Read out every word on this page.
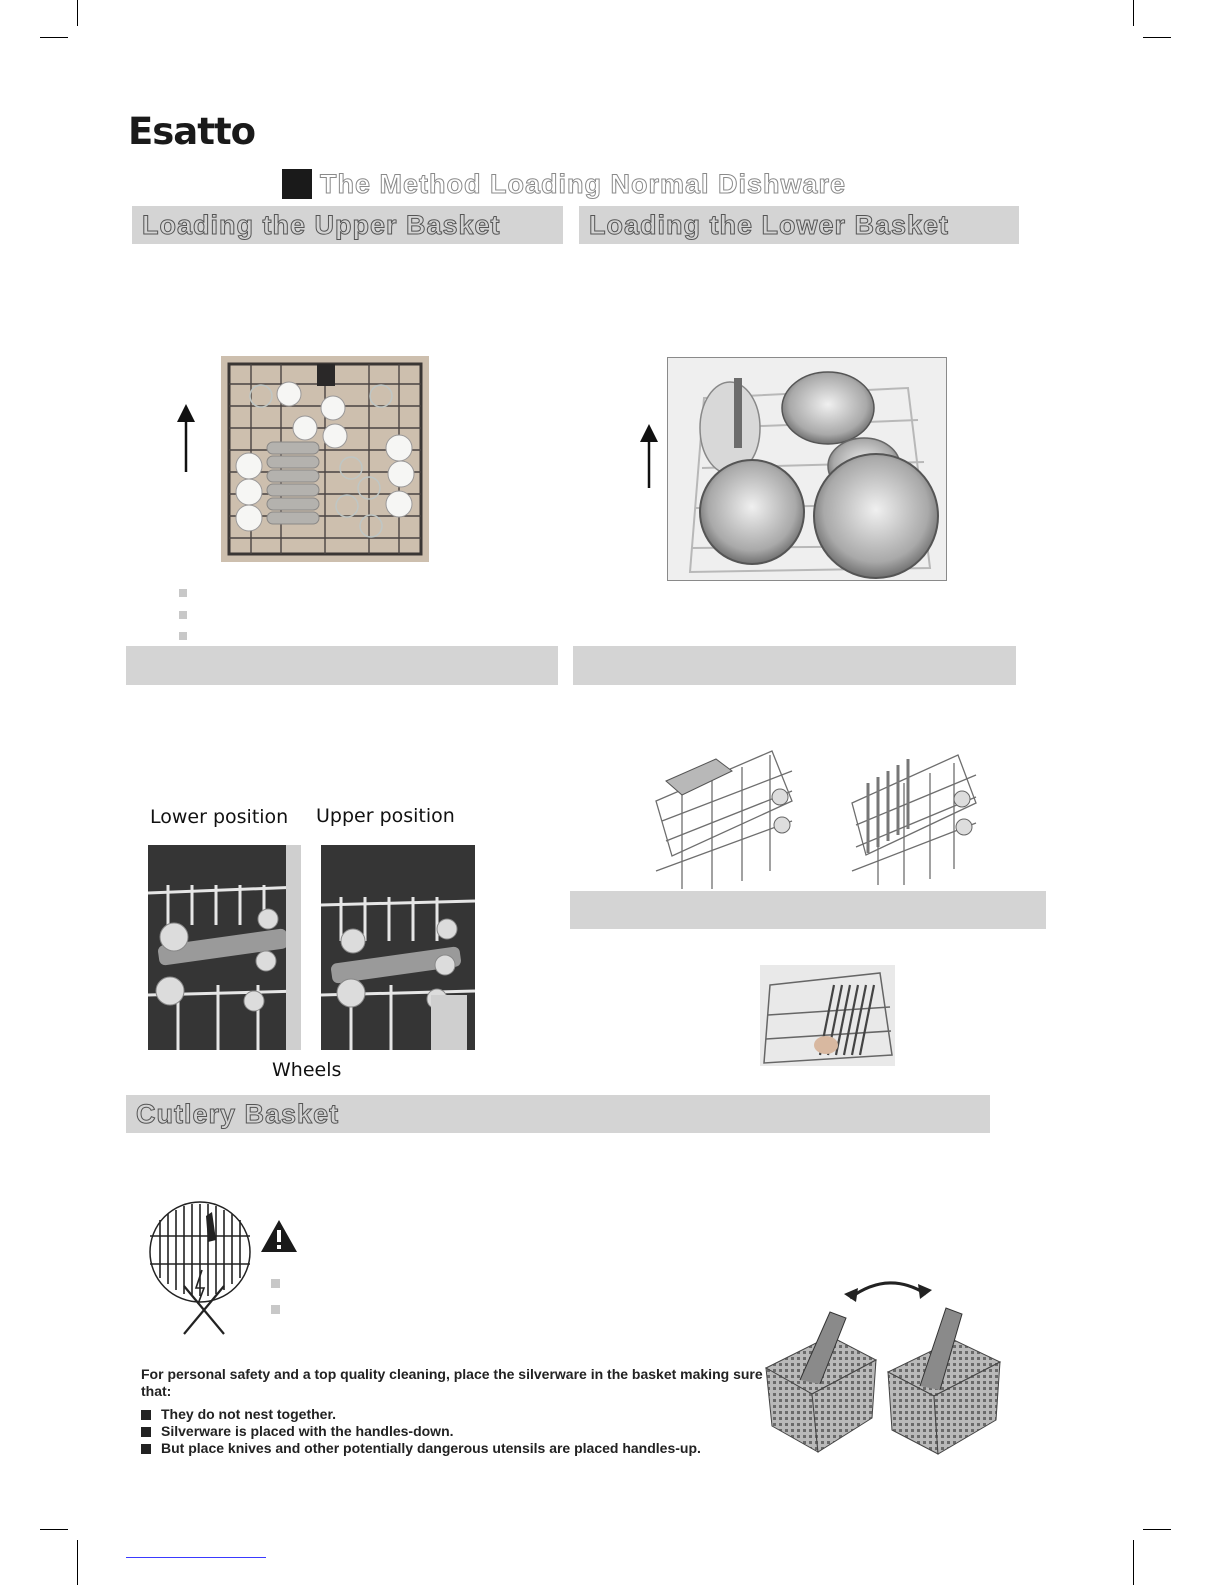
Esatto
The Method Loading Normal Dishware
Loading the Upper Basket	Loading the Lower Basket
Lower position Upper position
Wheels
Cutlery Basket
For personal safety and a top quality cleaning, place the silverware in the basket making sure that:
They do not nest together.
Silverware is placed with the handles-down.
But place knives and other potentially dangerous utensils are placed handles-up.
